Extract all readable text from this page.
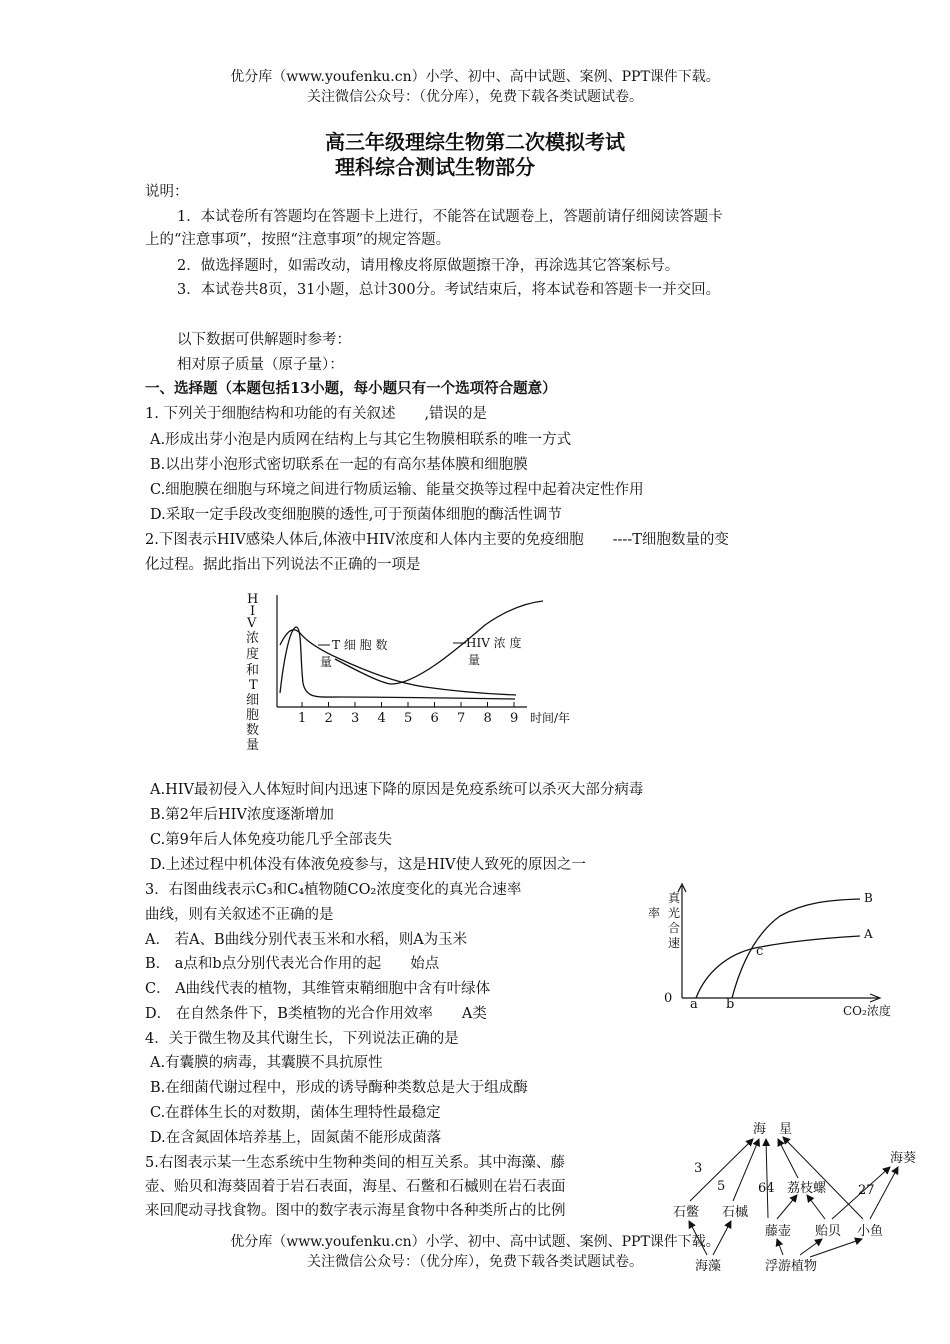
优分库（www.youfenku.cn）小学、初中、高中试题、案例、PPT课件下载。
关注微信公众号：（优分库），免费下载各类试题试卷。
高三年级理综生物第二次模拟考试
理科综合测试生物部分
说明：
1．本试卷所有答题均在答题卡上进行，不能答在试题卷上，答题前请仔细阅读答题卡
上的“注意事项”，按照“注意事项”的规定答题。
2．做选择题时，如需改动，请用橡皮将原做题擦干净，再涂选其它答案标号。
3．本试卷共8页，31小题，总计300分。考试结束后，将本试卷和答题卡一并交回。
以下数据可供解题时参考：
相对原子质量（原子量）：
一、选择题（本题包括13小题，每小题只有一个选项符合题意）
1. 下列关于细胞结构和功能的有关叙述　　,错误的是
A.形成出芽小泡是内质网在结构上与其它生物膜相联系的唯一方式
B.以出芽小泡形式密切联系在一起的有高尔基体膜和细胞膜
C.细胞膜在细胞与环境之间进行物质运输、能量交换等过程中起着决定性作用
D.采取一定手段改变细胞膜的透性,可于预菌体细胞的酶活性调节
2.下图表示HIV感染人体后,体液中HIV浓度和人体内主要的免疫细胞　　----T细胞数量的变
化过程。据此指出下列说法不正确的一项是
H
I
V
浓
度
和
T
细
胞
数
量
1 2 3 4 5 6 7 8 9 时间/年
T 细 胞 数
量
HIV 浓 度
量
A.HIV最初侵入人体短时间内迅速下降的原因是免疫系统可以杀灭大部分病毒
B.第2年后HIV浓度逐渐增加
C.第9年后人体免疫功能几乎全部丧失
D.上述过程中机体没有体液免疫参与，这是HIV使人致死的原因之一
3．右图曲线表示C₃和C₄植物随CO₂浓度变化的真光合速率
曲线，则有关叙述不正确的是
A． 若A、B曲线分别代表玉米和水稻，则A为玉米
B． a点和b点分别代表光合作用的起　　始点
C． A曲线代表的植物，其维管束鞘细胞中含有叶绿体
D． 在自然条件下，B类植物的光合作用效率　　A类
真
光
合
速
率
0 a b
c
A
B
CO₂浓度
4．关于微生物及其代谢生长，下列说法正确的是
A.有囊膜的病毒，其囊膜不具抗原性
B.在细菌代谢过程中，形成的诱导酶种类数总是大于组成酶
C.在群体生长的对数期，菌体生理特性最稳定
D.在含氮固体培养基上，固氮菌不能形成菌落
5.右图表示某一生态系统中生物种类间的相互关系。其中海藻、藤
壶、贻贝和海葵固着于岩石表面，海星、石鳖和石槭则在岩石表面
来回爬动寻找食物。图中的数字表示海星食物中各种类所占的比例
海　星
海葵
石鳖 石槭
荔枝螺
藤壶 贻贝 小鱼
海藻	浮游植物
3
5	64	27
优分库（www.youfenku.cn）小学、初中、高中试题、案例、PPT课件下载。
关注微信公众号：（优分库），免费下载各类试题试卷。
